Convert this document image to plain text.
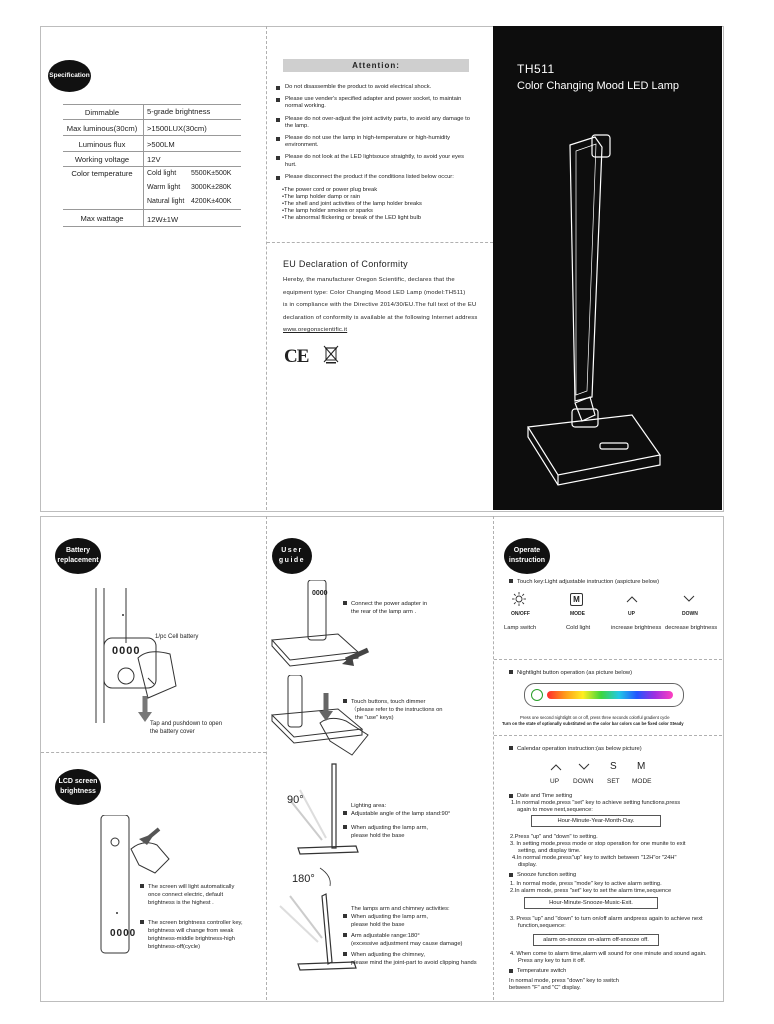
Specification
Dimmable	5-grade brightness
Max luminous(30cm)	>1500LUX(30cm)
Luminous flux	>500LM
Working voltage	12V
Color temperature	Cold light 5500K±500K
Warm light 3000K±280K
Natural light 4200K±400K
Max wattage	12W±1W
Attention:
Do not disassemble the product to avoid electrical shock.
Please use vender's specified adapter and power socket, to maintain normal working.
Please do not over-adjust the joint activity parts, to avoid any damage to the lamp.
Please do not use the lamp in high-temperature or high-humidity environment.
Please do not look at the LED lightsouce straightly, to avoid your eyes hurt.
Please disconnect the product if the conditions listed below occur:
•The power cord or power plug break
•The lamp holder damp or rain
•The shell and joint activities of the lamp holder breaks
•The lamp holder smokes or sparks
•The abnormal flickering or break of the LED light bulb
EU Declaration of Conformity
Hereby, the manufacturer Oregon Scientific, declares that the
equipment type: Color Changing Mood LED Lamp (model:TH511)
is in compliance with the Directive 2014/30/EU.The full text of the EU
declaration of conformity is available at the following Internet address
www.oregonscientific.it
CE
TH511
Color Changing Mood LED Lamp
Battery
replacement
0000
1/pc Cell battery
Tap and pushdown to open
the battery cover
LCD screen
brightness
0000
The screen will light automatically
once connect electric, default
brightness is the highest .
The screen brightness controller key,
brightness will change from weak
brightness-middle brightness-high
brightness-off(cycle)
User
guide
0000
Connect the power adapter in
the rear of the lamp arm .
Touch buttons, touch dimmer
（please refer to the instructions on
the "use" keys)
90°	Lighting area:
Adjustable angle of the lamp stand:90°
When adjusting the lamp arm,
please hold the base
180°
The lamps arm and chimney activities:
When adjusting the lamp arm,
please hold the base
Arm adjustable range:180°
(excessive adjustment may cause damage)
When adjusting the chimney,
please mind the joint-part to avoid clipping hands
Operate
instruction
Touch key:Light adjustable instruction (aspicture below)
M
ON/OFF	MODE	UP	DOWN
Lamp switch	Cold light	increase brightness decrease brightness
Nightlight button operation (as picture below)
Press one second nightlight on or off, press three seconds colorful gradient cycle
Turn on the state of optionally substituted on the color bar colors can be fixed color Steady
Calendar operation instruction:(as below picture)
S M
UP DOWN SET MODE
Date and Time setting
1.In normal mode,press "set" key to achieve setting functions,press
again to move next,sequence:
Hour-Minute-Year-Month-Day.
2.Press "up" and "down" to setting.
3. In setting mode,press mode or stop operation for one munite to exit
setting, and display time.
4.In normal mode,press"up" key to switch between "12H"or "24H"
display.
Snooze function setting
1. In normal mode, press "mode" key to active alarm setting.
2.In alarm mode, press "set" key to set the alarm time,sequence
Hour-Minute-Snooze-Music-Exit.
3. Press "up" and "down" to turn on/off alarm andpress again to achieve next
function,sequence:
alarm on-snooze on-alarm off-snooze off.
4. When come to alarm time,alarm will sound for one minute and sound again.
Press any key to turn it off.
Temperature switch
In normal mode, press "down" key to switch
between "F" and "C" display.
